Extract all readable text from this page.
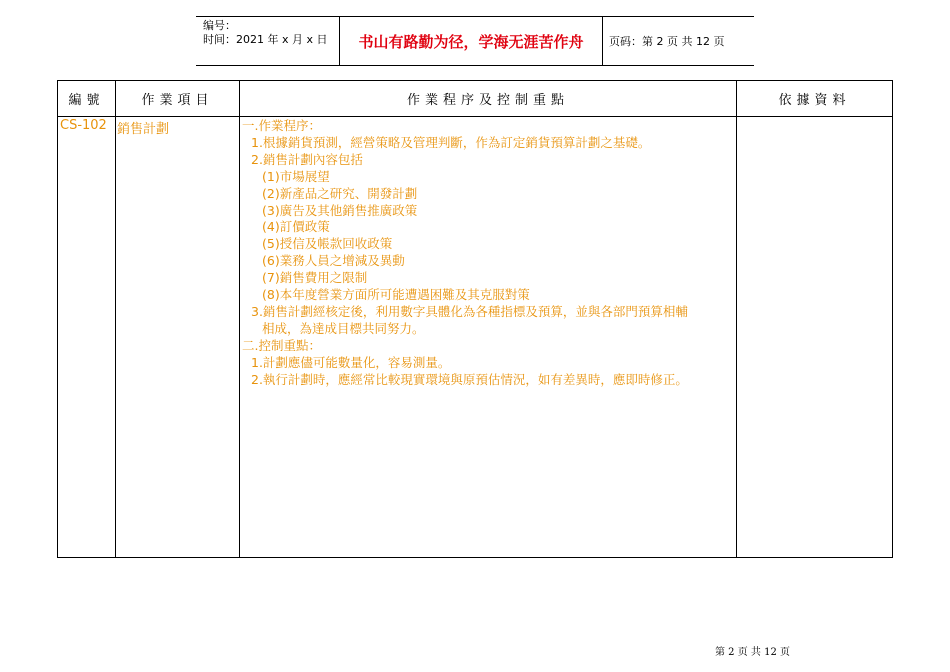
编号：
时间：2021 年 x 月 x 日 书山有路勤为径，学海无涯苦作舟	页码：第 2 页 共 12 页
編號	作業項目	作業程序及控制重點	依據資料
CS-102 銷售計劃	一.作業程序：
1.根據銷貨預測，經營策略及管理判斷，作為訂定銷貨預算計劃之基礎。
2.銷售計劃內容包括
(1)市場展望
(2)新產品之研究、開發計劃
(3)廣告及其他銷售推廣政策
(4)訂價政策
(5)授信及帳款回收政策
(6)業務人員之增減及異動
(7)銷售費用之限制
(8)本年度營業方面所可能遭遇困難及其克服對策
3.銷售計劃經核定後，利用數字具體化為各種指標及預算，並與各部門預算相輔
相成，為達成目標共同努力。
二.控制重點：
1.計劃應儘可能數量化，容易測量。
2.執行計劃時，應經常比較現實環境與原預估情況，如有差異時，應即時修正。
第 2 页 共 12 页
